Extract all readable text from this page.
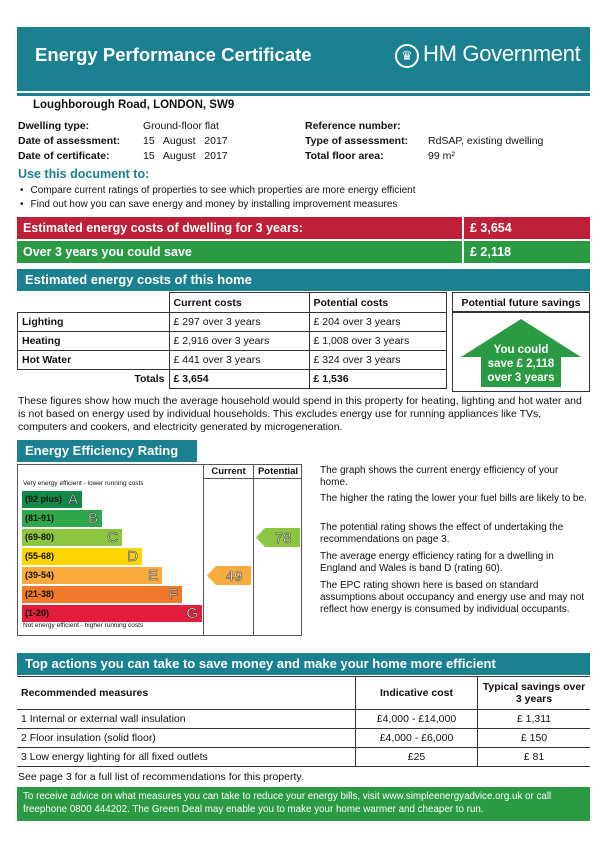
Energy Performance Certificate	♛ HM Government
Loughborough Road, LONDON, SW9
Dwelling type:	Ground-floor flat
Date of assessment: 15   August   2017
Date of certificate:	15   August   2017
Reference number:
Type of assessment: RdSAP, existing dwelling
Total floor area:	99 m²
Use this document to:
• Compare current ratings of properties to see which properties are more energy efficient
• Find out how you can save energy and money by installing improvement measures
Estimated energy costs of dwelling for 3 years:	£ 3,654
Over 3 years you could save	£ 2,118
Estimated energy costs of this home
	Current costs	Potential costs
Lighting	£ 297 over 3 years	£ 204 over 3 years
Heating	£ 2,916 over 3 years	£ 1,008 over 3 years
Hot Water	£ 441 over 3 years	£ 324 over 3 years
Totals	£ 3,654	£ 1,536
Potential future savings
You could
save £ 2,118
over 3 years
These figures show how much the average household would spend in this property for heating, lighting and hot water and is not based on energy used by individual households. This excludes energy use for running appliances like TVs, computers and cookers, and electricity generated by microgeneration.
Energy Efficiency Rating
Current	Potential
Very energy efficient - lower running costs
(92 plus) A
(81-91) B
(69-80)	C
(55-68)	D
(39-54)	E
(21-38)	F
(1-20)	G
Not energy efficient - higher running costs
49
78
The graph shows the current energy efficiency of your home.
The higher the rating the lower your fuel bills are likely to be.
The potential rating shows the effect of undertaking the recommendations on page 3.
The average energy efficiency rating for a dwelling in England and Wales is band D (rating 60).
The EPC rating shown here is based on standard assumptions about occupancy and energy use and may not reflect how energy is consumed by individual occupants.
Top actions you can take to save money and make your home more efficient
Recommended measures	Indicative cost	Typical savings over 3 years
1 Internal or external wall insulation	£4,000 - £14,000	£ 1,311
2 Floor insulation (solid floor)	£4,000 - £6,000	£ 150
3 Low energy lighting for all fixed outlets	£25	£ 81
See page 3 for a full list of recommendations for this property.
To receive advice on what measures you can take to reduce your energy bills, visit www.simpleenergyadvice.org.uk or call freephone 0800 444202. The Green Deal may enable you to make your home warmer and cheaper to run.
